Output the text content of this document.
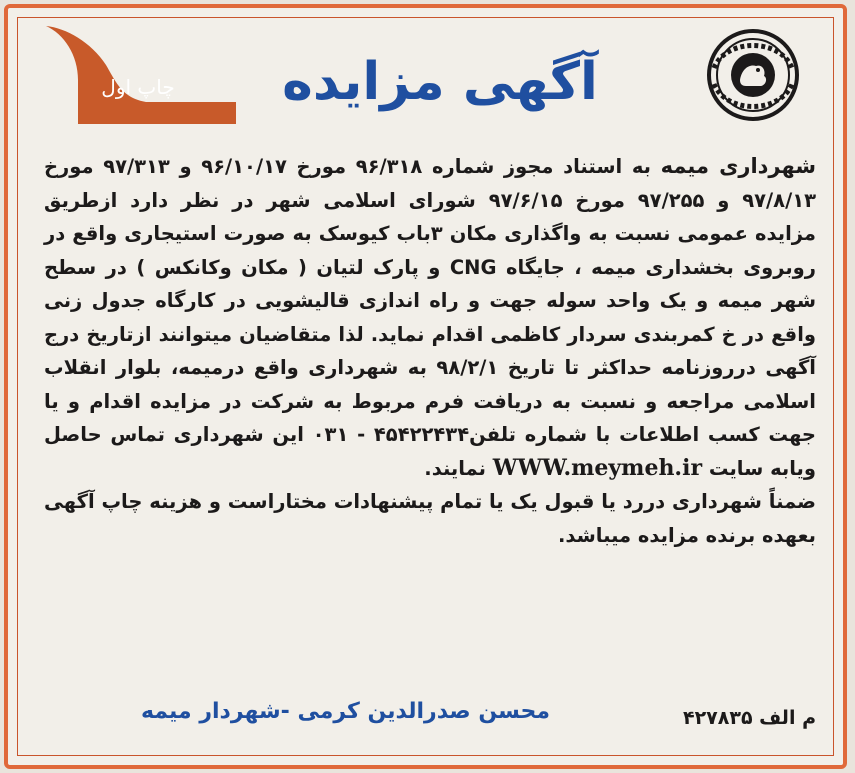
چاپ اول	آگهی مزایده

شهرداری میمه به استناد مجوز شماره ۹۶/۳۱۸ مورخ ۹۶/۱۰/۱۷ و ۹۷/۳۱۳ مورخ ۹۷/۸/۱۳ و ۹۷/۲۵۵ مورخ ۹۷/۶/۱۵ شورای اسلامی شهر در نظر دارد ازطریق مزایده عمومی نسبت به واگذاری مکان ۳باب کیوسک به صورت استیجاری واقع در روبروی بخشداری میمه ، جایگاه CNG و پارک لتیان ( مکان وکانکس ) در سطح شهر میمه و یک واحد سوله جهت و راه اندازی قالیشویی در کارگاه جدول زنی واقع در خ کمربندی سردار کاظمی اقدام نماید. لذا متقاضیان میتوانند ازتاریخ درج آگهی درروزنامه حداکثر تا تاریخ ۹۸/۲/۱ به شهرداری واقع درمیمه، بلوار انقلاب اسلامی مراجعه و نسبت به دریافت فرم مربوط به شرکت در مزایده اقدام و یا جهت کسب اطلاعات با شماره تلفن۴۵۴۲۲۴۳۴ - ۰۳۱ این شهرداری تماس حاصل ویابه سایت WWW.meymeh.ir نمایند.

ضمناً شهرداری دررد یا قبول یک یا تمام پیشنهادات مختاراست و هزینه چاپ آگهی بعهده برنده مزایده میباشد.

محسن صدرالدین کرمی -شهردار میمه	م الف ۴۲۷۸۳۵
